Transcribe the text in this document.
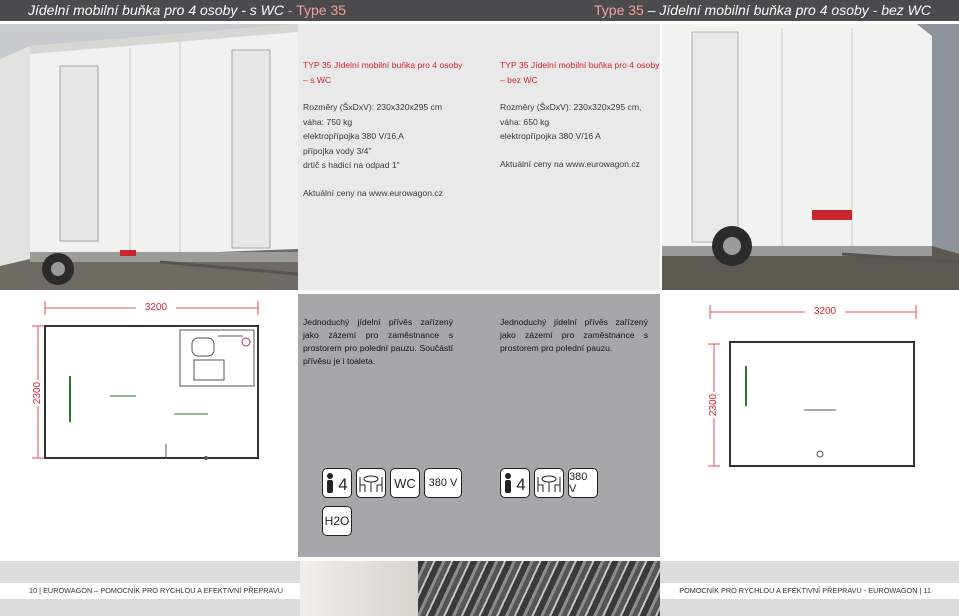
Jídelní mobilní buňka pro 4 osoby - s WC - Type 35	Type 35 – Jídelní mobilní buňka pro 4 osoby - bez WC
TYP 35 Jídelní mobilní buňka pro 4 osoby
– s WC
Rozměry (ŠxDxV): 230x320x295 cm
váha: 750 kg
elektropřípojka 380 V/16 A
přípojka vody 3/4"
drtič s hadicí na odpad 1"
Aktuální ceny na www.eurowagon.cz
TYP 35 Jídelní mobilní buňka pro 4 osoby
– bez WC
Rozměry (ŠxDxV): 230x320x295 cm,
váha: 650 kg
elektropřípojka 380 V/16 A
Aktuální ceny na www.eurowagon.cz
3200
2300
Jednoduchý jídelní přívěs zařízený jako zázemí pro zaměstnance s prostorem pro polední pauzu. Součástí přívěsu je i toaleta.
Jednoduchý jídelní přívěs zařízený jako zázemí pro zaměstnance s prostorem pro polední pauzu.
4	WC 380 V
H2O
4	380 V
3200
2300
10 | EUROWAGON – POMOCNÍK PRO RYCHLOU A EFEKTIVNÍ PŘEPRAVU	POMOCNÍK PRO RYCHLOU A EFEKTIVNÍ PŘEPRAVU - EUROWAGON | 11
